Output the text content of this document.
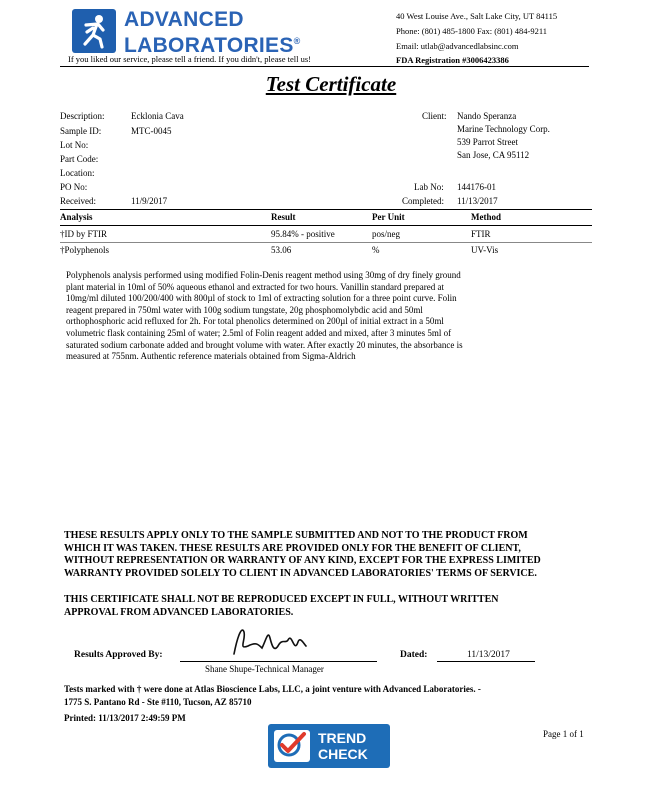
ADVANCED
LABORATORIES®
If you liked our service, please tell a friend. If you didn't, please tell us!
40 West Louise Ave., Salt Lake City, UT 84115
Phone: (801) 485-1800 Fax: (801) 484-9211
Email: utlab@advancedlabsinc.com
FDA Registration #3006423386
Test Certificate
Description:	Ecklonia Cava
Sample ID:	MTC-0045
Lot No:
Part Code:
Location:
PO No:
Received:	11/9/2017
Client: Nando Speranza
Marine Technology Corp.
539 Parrot Street
San Jose, CA 95112
Lab No: 144176-01
Completed: 11/13/2017
Analysis	Result	Per Unit	Method
†ID by FTIR	95.84% - positive	pos/neg	FTIR
†Polyphenols	53.06	%	UV-Vis
Polyphenols analysis performed using modified Folin-Denis reagent method using 30mg of dry finely ground
plant material in 10ml of 50% aqueous ethanol and extracted for two hours. Vanillin standard prepared at
10mg/ml diluted 100/200/400 with 800µl of stock to 1ml of extracting solution for a three point curve. Folin
reagent prepared in 750ml water with 100g sodium tungstate, 20g phosphomolybdic acid and 50ml
orthophosphoric acid refluxed for 2h. For total phenolics determined on 200µl of initial extract in a 50ml
volumetric flask containing 25ml of water; 2.5ml of Folin reagent added and mixed, after 3 minutes 5ml of
saturated sodium carbonate added and brought volume with water. After exactly 20 minutes, the absorbance is
measured at 755nm. Authentic reference materials obtained from Sigma-Aldrich
THESE RESULTS APPLY ONLY TO THE SAMPLE SUBMITTED AND NOT TO THE PRODUCT FROM
WHICH IT WAS TAKEN. THESE RESULTS ARE PROVIDED ONLY FOR THE BENEFIT OF CLIENT,
WITHOUT REPRESENTATION OR WARRANTY OF ANY KIND, EXCEPT FOR THE EXPRESS LIMITED
WARRANTY PROVIDED SOLELY TO CLIENT IN ADVANCED LABORATORIES' TERMS OF SERVICE.
THIS CERTIFICATE SHALL NOT BE REPRODUCED EXCEPT IN FULL, WITHOUT WRITTEN
APPROVAL FROM ADVANCED LABORATORIES.
Results Approved By:
Shane Shupe-Technical Manager
Dated:	11/13/2017
Tests marked with † were done at Atlas Bioscience Labs, LLC, a joint venture with Advanced Laboratories. -
1775 S. Pantano Rd - Ste #110, Tucson, AZ 85710
Printed: 11/13/2017 2:49:59 PM
Page 1 of 1
TREND
CHECK
